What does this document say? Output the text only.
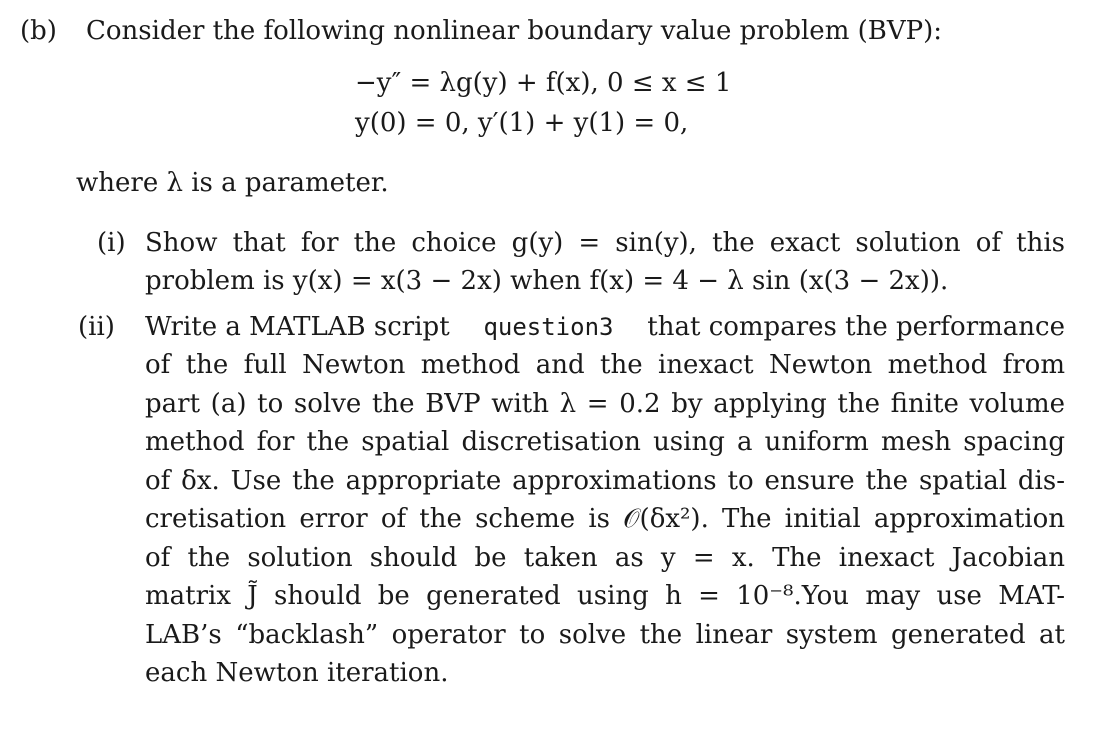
(b) Consider the following nonlinear boundary value problem (BVP):
−y″ = λg(y) + f(x), 0 ≤ x ≤ 1
y(0) = 0, y′(1) + y(1) = 0,
where λ is a parameter.
(i) Show that for the choice g(y) = sin(y), the exact solution of this
problem is y(x) = x(3 − 2x) when f(x) = 4 − λ sin (x(3 − 2x)).
(ii) Write a MATLAB script question3 that compares the performance
of the full Newton method and the inexact Newton method from
part (a) to solve the BVP with λ = 0.2 by applying the finite volume
method for the spatial discretisation using a uniform mesh spacing
of δx. Use the appropriate approximations to ensure the spatial dis-
cretisation error of the scheme is 𝒪(δx²). The initial approximation
of the solution should be taken as y = x. The inexact Jacobian
matrix J̃ should be generated using h = 10⁻⁸.You may use MAT-
LAB’s “backlash” operator to solve the linear system generated at
each Newton iteration.
